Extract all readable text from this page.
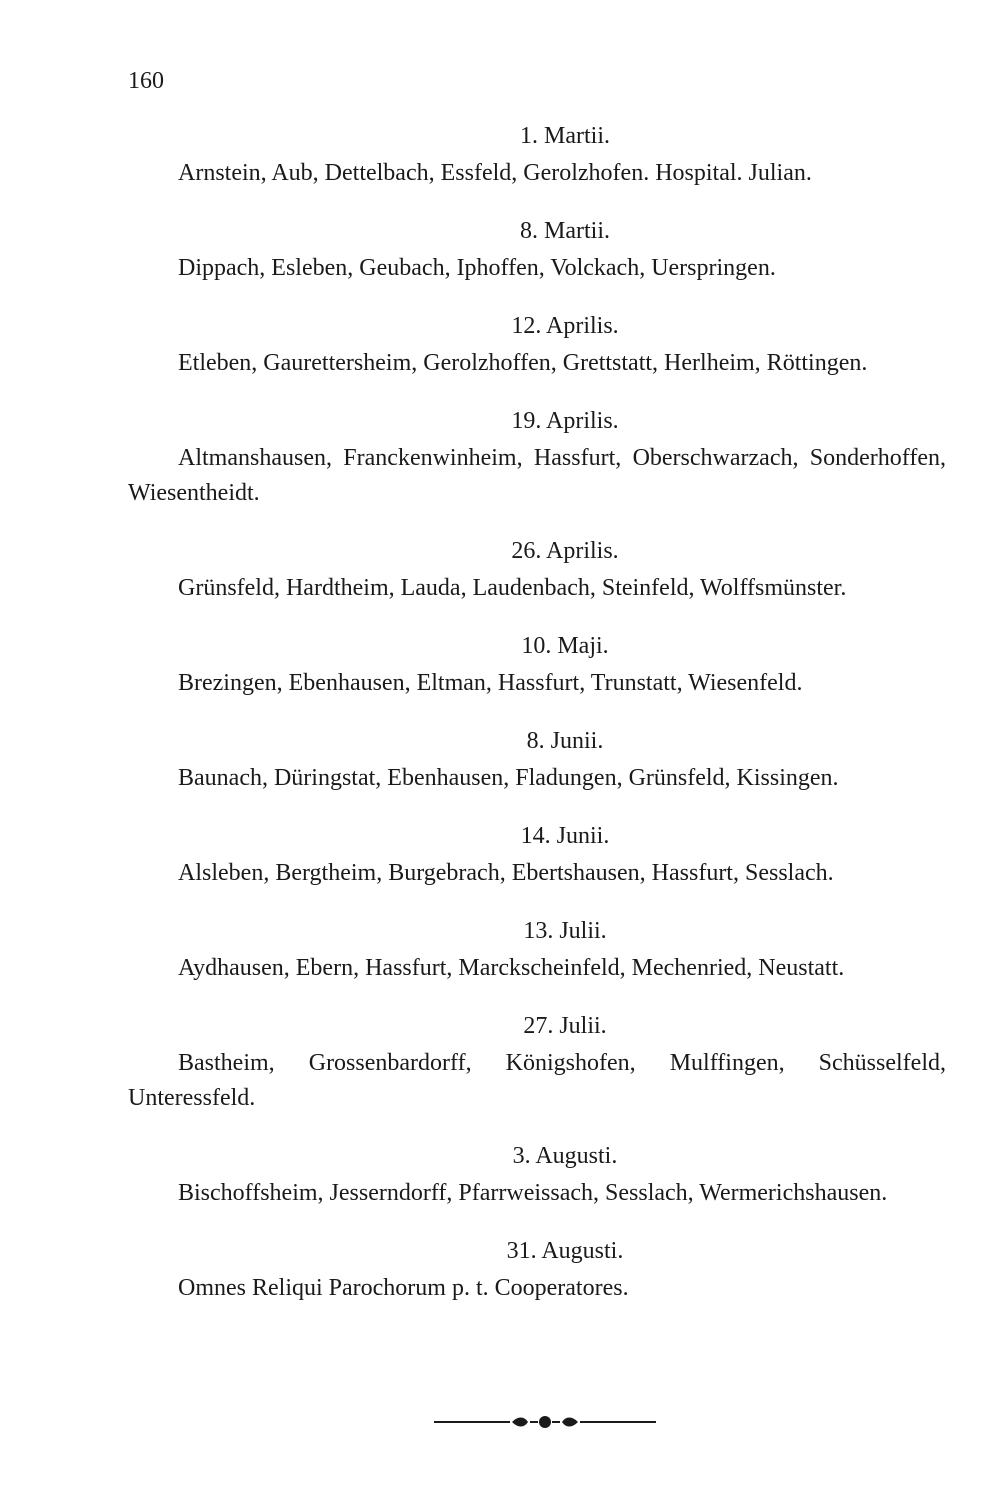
160
1. Martii.
Arnstein, Aub, Dettelbach, Essfeld, Gerolzhofen. Hospital. Julian.
8. Martii.
Dippach, Esleben, Geubach, Iphoffen, Volckach, Uerspringen.
12. Aprilis.
Etleben, Gaurettersheim, Gerolzhoffen, Grettstatt, Herlheim, Röttingen.
19. Aprilis.
Altmanshausen, Franckenwinheim, Hassfurt, Oberschwarzach, Sonderhoffen, Wiesentheidt.
26. Aprilis.
Grünsfeld, Hardtheim, Lauda, Laudenbach, Steinfeld, Wolffsmünster.
10. Maji.
Brezingen, Ebenhausen, Eltman, Hassfurt, Trunstatt, Wiesenfeld.
8. Junii.
Baunach, Düringstat, Ebenhausen, Fladungen, Grünsfeld, Kissingen.
14. Junii.
Alsleben, Bergtheim, Burgebrach, Ebertshausen, Hassfurt, Sesslach.
13. Julii.
Aydhausen, Ebern, Hassfurt, Marckscheinfeld, Mechenried, Neustatt.
27. Julii.
Bastheim, Grossenbardorff, Königshofen, Mulffingen, Schüsselfeld, Unteressfeld.
3. Augusti.
Bischoffsheim, Jesserndorff, Pfarrweissach, Sesslach, Wermerichshausen.
31. Augusti.
Omnes Reliqui Parochorum p. t. Cooperatores.
